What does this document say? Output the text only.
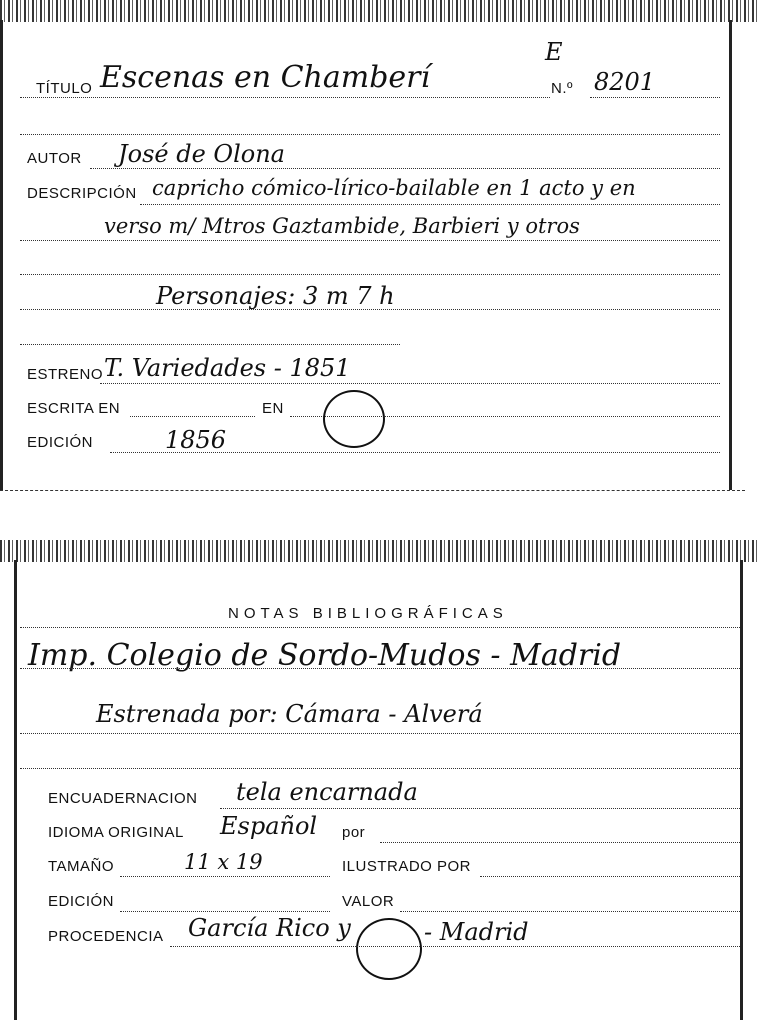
TÍTULO Escenas en Chamberí
E
N.º 8201
AUTOR José de Olona
DESCRIPCIÓN capricho cómico-lírico-bailable en 1 acto y en
verso m/ Mtros Gaztambide, Barbieri y otros
Personajes: 3 m 7 h
ESTRENO T. Variedades - 1851
ESCRITA EN	EN
EDICIÓN	1856
NOTAS BIBLIOGRÁFICAS
Imp. Colegio de Sordo-Mudos - Madrid
Estrenada por: Cámara - Alverá
ENCUADERNACION tela encarnada
IDIOMA ORIGINAL Español por
TAMAÑO	11 x 19	ILUSTRADO POR
EDICIÓN	VALOR
PROCEDENCIA García Rico y	- Madrid
